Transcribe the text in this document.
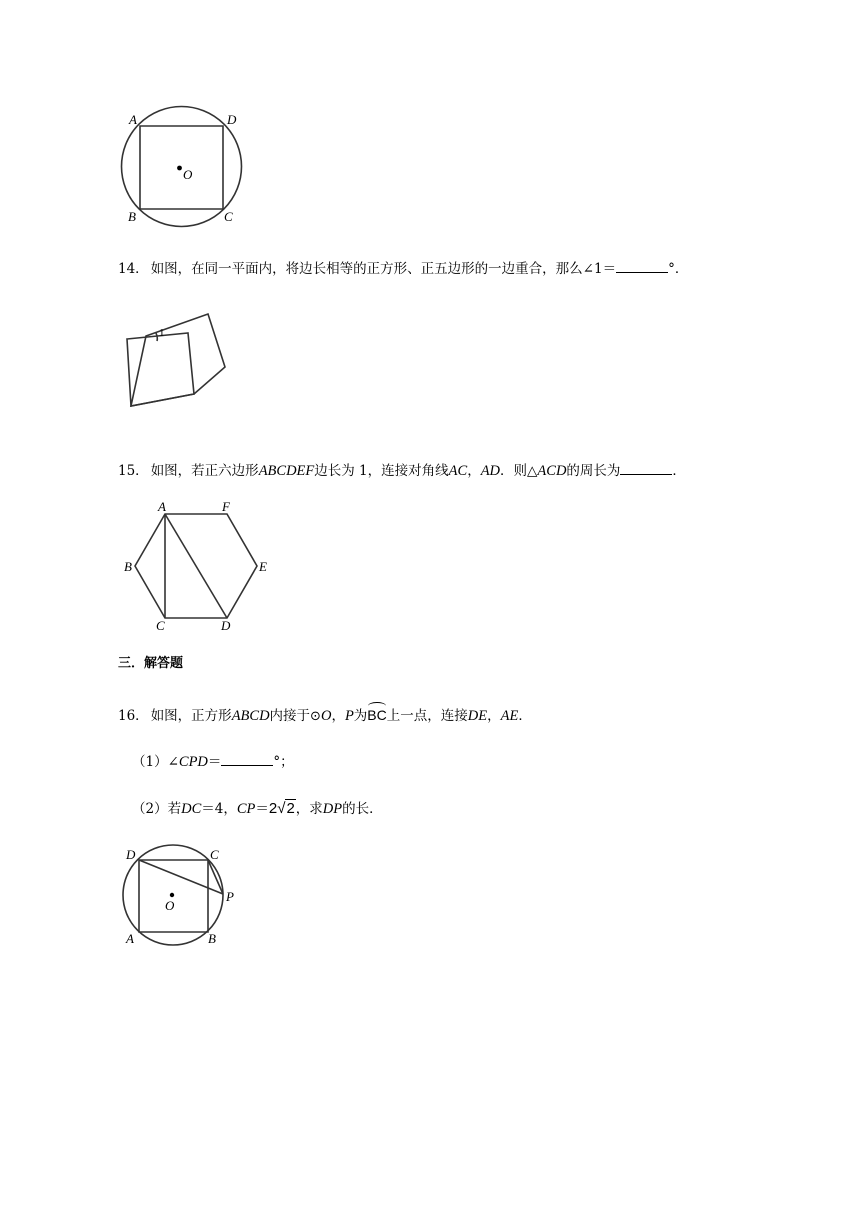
A	D
B	C
O
14． 如图，在同一平面内，将边长相等的正方形、正五边形的一边重合，那么∠1＝	°．
1
15． 如图，若正六边形ABCDEF边长为 1，连接对角线AC，AD．则△ACD的周长为	．
A	F
B	E
C	D
三．解答题
16． 如图，正方形ABCD内接于⊙O，P为
BC上一点，连接DE，AE．
（1）∠CPD＝	°；
（2）若DC＝4，CP＝2√2，求DP的长．
D	C
P
O
A	B
